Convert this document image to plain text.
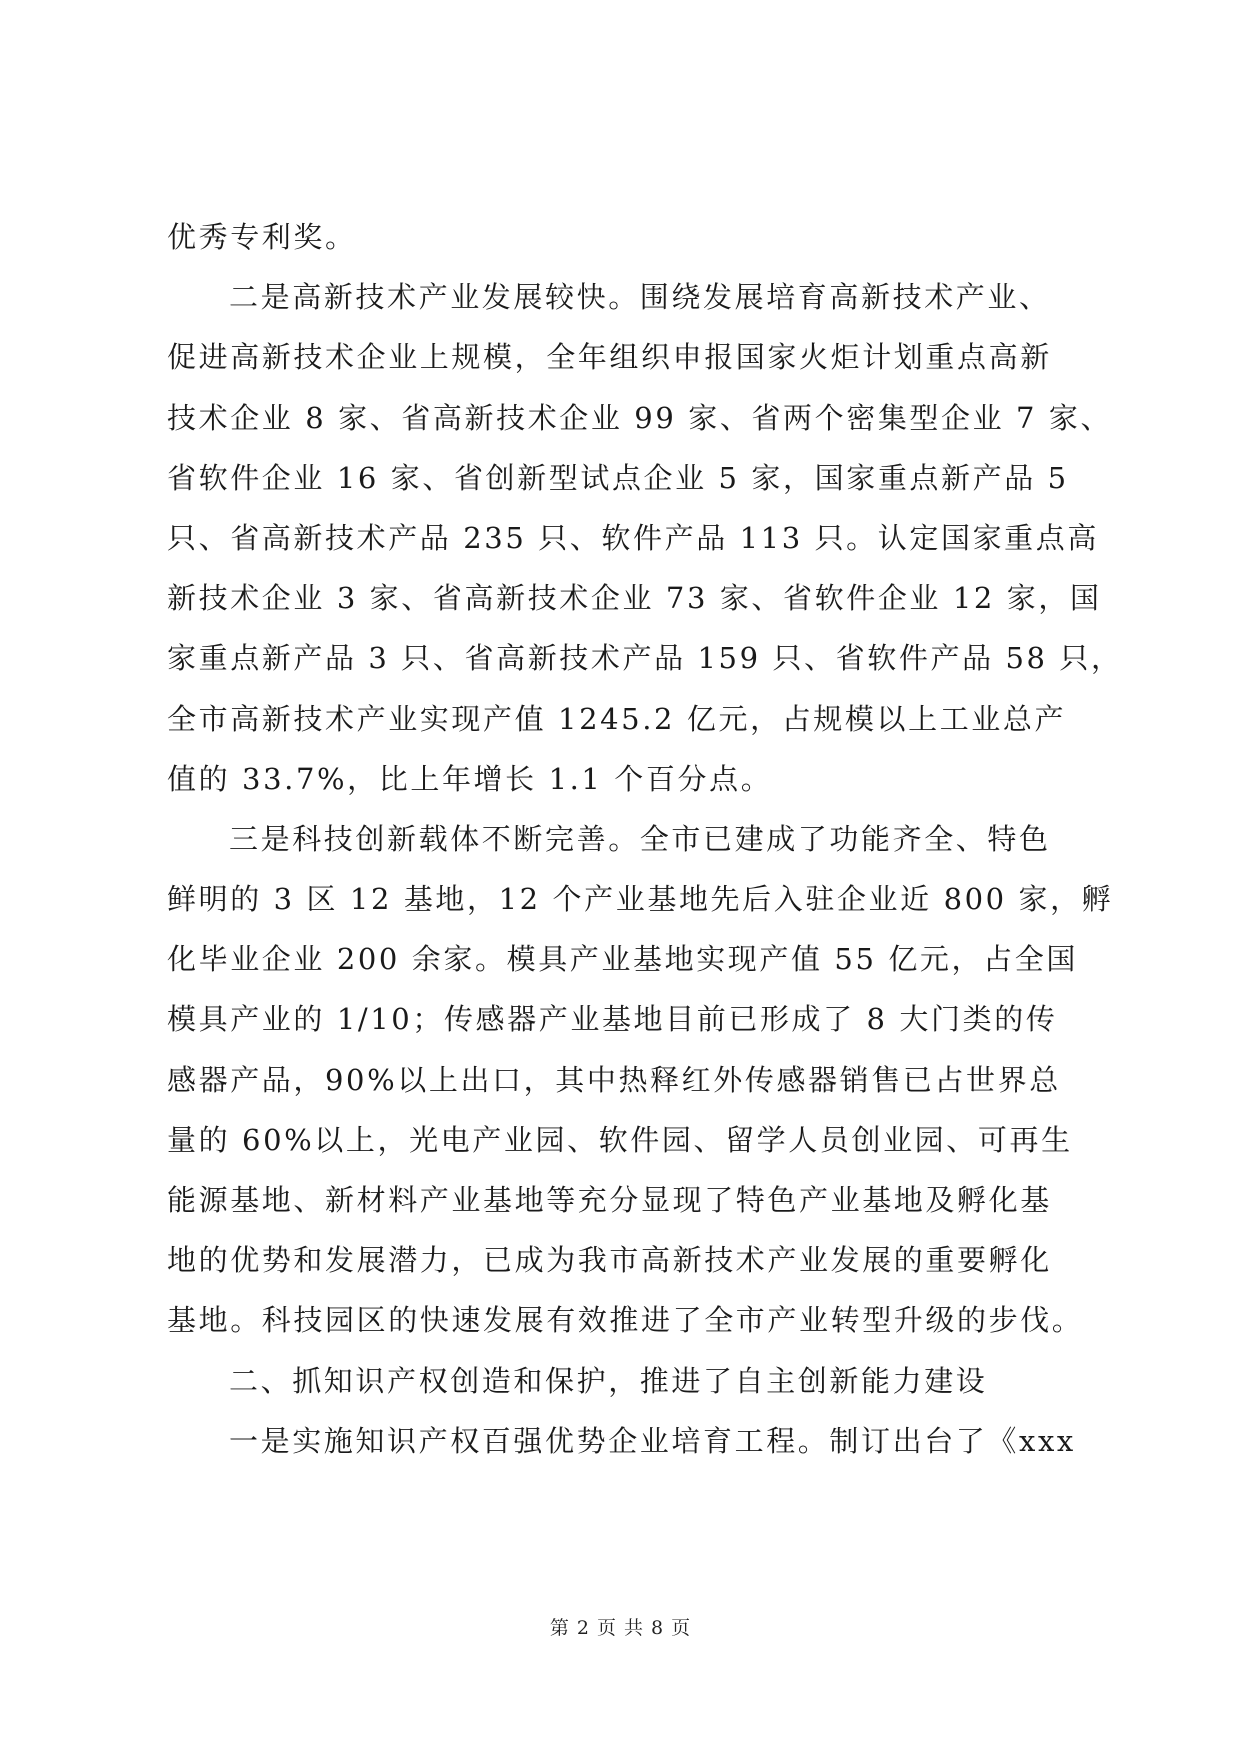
优秀专利奖。
二是高新技术产业发展较快。围绕发展培育高新技术产业、
促进高新技术企业上规模，全年组织申报国家火炬计划重点高新
技术企业 8 家、省高新技术企业 99 家、省两个密集型企业 7 家、
省软件企业 16 家、省创新型试点企业 5 家，国家重点新产品 5
只、省高新技术产品 235 只、软件产品 113 只。认定国家重点高
新技术企业 3 家、省高新技术企业 73 家、省软件企业 12 家，国
家重点新产品 3 只、省高新技术产品 159 只、省软件产品 58 只，
全市高新技术产业实现产值 1245.2 亿元，占规模以上工业总产
值的 33.7%，比上年增长 1.1 个百分点。
三是科技创新载体不断完善。全市已建成了功能齐全、特色
鲜明的 3 区 12 基地，12 个产业基地先后入驻企业近 800 家，孵
化毕业企业 200 余家。模具产业基地实现产值 55 亿元，占全国
模具产业的 1/10；传感器产业基地目前已形成了 8 大门类的传
感器产品，90%以上出口，其中热释红外传感器销售已占世界总
量的 60%以上，光电产业园、软件园、留学人员创业园、可再生
能源基地、新材料产业基地等充分显现了特色产业基地及孵化基
地的优势和发展潜力，已成为我市高新技术产业发展的重要孵化
基地。科技园区的快速发展有效推进了全市产业转型升级的步伐。
二、抓知识产权创造和保护，推进了自主创新能力建设
一是实施知识产权百强优势企业培育工程。制订出台了《xxx
第 2 页 共 8 页
